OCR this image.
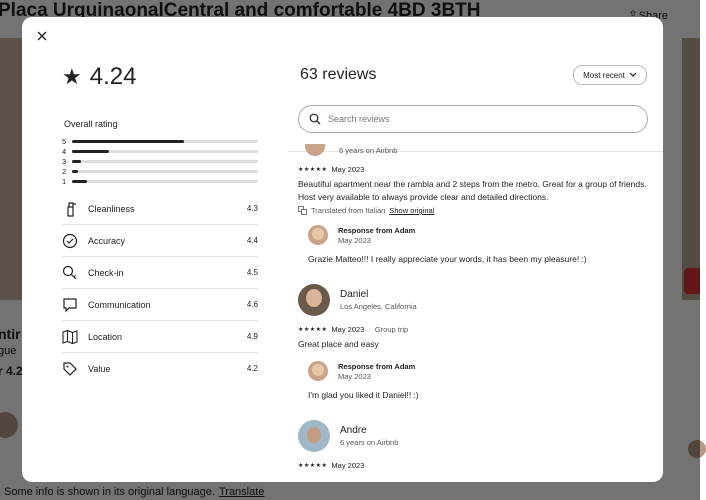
★ 4.24
Overall rating
5
4
3
2
1
Cleanliness	4.3
Accuracy	4.4
Check-in	4.5
Communication	4.6
Location	4.9
Value	4.2
63 reviews	Most recent
Search reviews
6 years on Airbnb
★★★★★ May 2023
Beautiful apartment near the rambla and 2 steps from the metro. Great for a group of friends. Host very available to always provide clear and detailed directions.
Translated from Italian Show original
Response from Adam
May 2023
Grazie Matteo!!! I really appreciate your words, it has been my pleasure! :)
Daniel
Los Angeles, California
★★★★★ May 2023 · Group trip
Great place and easy
Response from Adam
May 2023
I'm glad you liked it Daniel!! :)
Andre
6 years on Airbnb
★★★★★ May 2023
